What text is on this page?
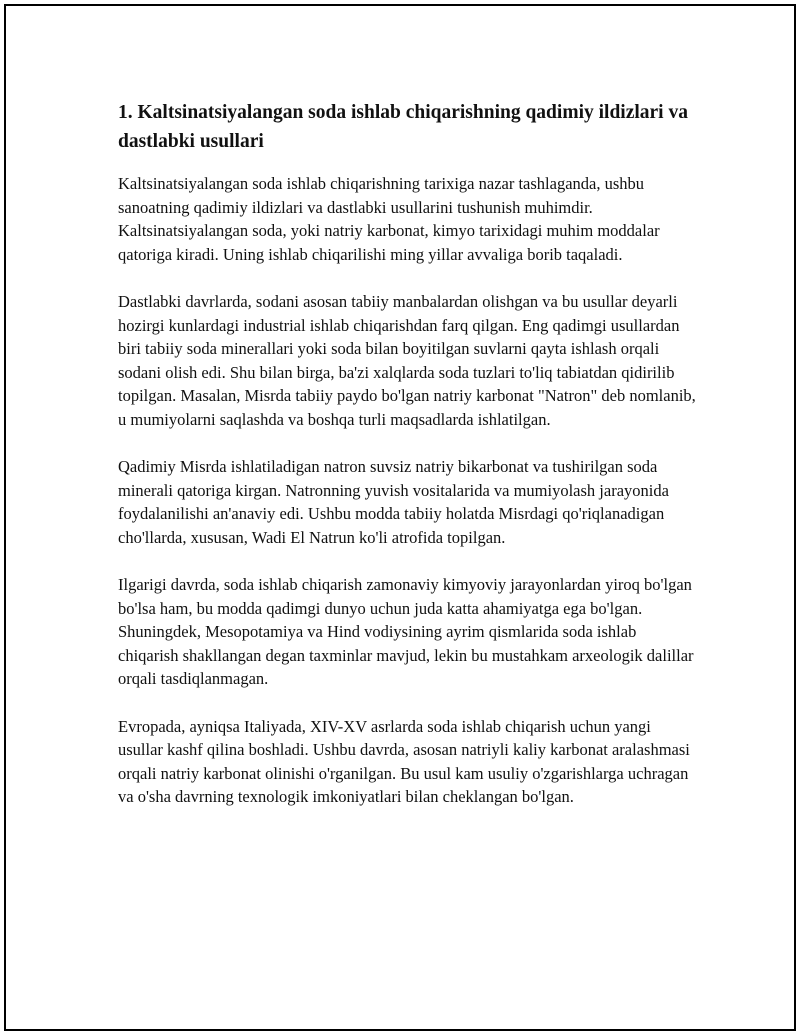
1. Kaltsinatsiyalangan soda ishlab chiqarishning qadimiy ildizlari va dastlabki usullari

Kaltsinatsiyalangan soda ishlab chiqarishning tarixiga nazar tashlaganda, ushbu sanoatning qadimiy ildizlari va dastlabki usullarini tushunish muhimdir. Kaltsinatsiyalangan soda, yoki natriy karbonat, kimyo tarixidagi muhim moddalar qatoriga kiradi. Uning ishlab chiqarilishi ming yillar avvaliga borib taqaladi.

Dastlabki davrlarda, sodani asosan tabiiy manbalardan olishgan va bu usullar deyarli hozirgi kunlardagi industrial ishlab chiqarishdan farq qilgan. Eng qadimgi usullardan biri tabiiy soda minerallari yoki soda bilan boyitilgan suvlarni qayta ishlash orqali sodani olish edi. Shu bilan birga, ba'zi xalqlarda soda tuzlari to'liq tabiatdan qidirilib topilgan. Masalan, Misrda tabiiy paydo bo'lgan natriy karbonat "Natron" deb nomlanib, u mumiyolarni saqlashda va boshqa turli maqsadlarda ishlatilgan.

Qadimiy Misrda ishlatiladigan natron suvsiz natriy bikarbonat va tushirilgan soda minerali qatoriga kirgan. Natronning yuvish vositalarida va mumiyolash jarayonida foydalanilishi an'anaviy edi. Ushbu modda tabiiy holatda Misrdagi qo'riqlanadigan cho'llarda, xususan, Wadi El Natrun ko'li atrofida topilgan.

Ilgarigi davrda, soda ishlab chiqarish zamonaviy kimyoviy jarayonlardan yiroq bo'lgan bo'lsa ham, bu modda qadimgi dunyo uchun juda katta ahamiyatga ega bo'lgan. Shuningdek, Mesopotamiya va Hind vodiysining ayrim qismlarida soda ishlab chiqarish shakllangan degan taxminlar mavjud, lekin bu mustahkam arxeologik dalillar orqali tasdiqlanmagan.

Evropada, ayniqsa Italiyada, XIV-XV asrlarda soda ishlab chiqarish uchun yangi usullar kashf qilina boshladi. Ushbu davrda, asosan natriyli kaliy karbonat aralashmasi orqali natriy karbonat olinishi o'rganilgan. Bu usul kam usuliy o'zgarishlarga uchragan va o'sha davrning texnologik imkoniyatlari bilan cheklangan bo'lgan.
